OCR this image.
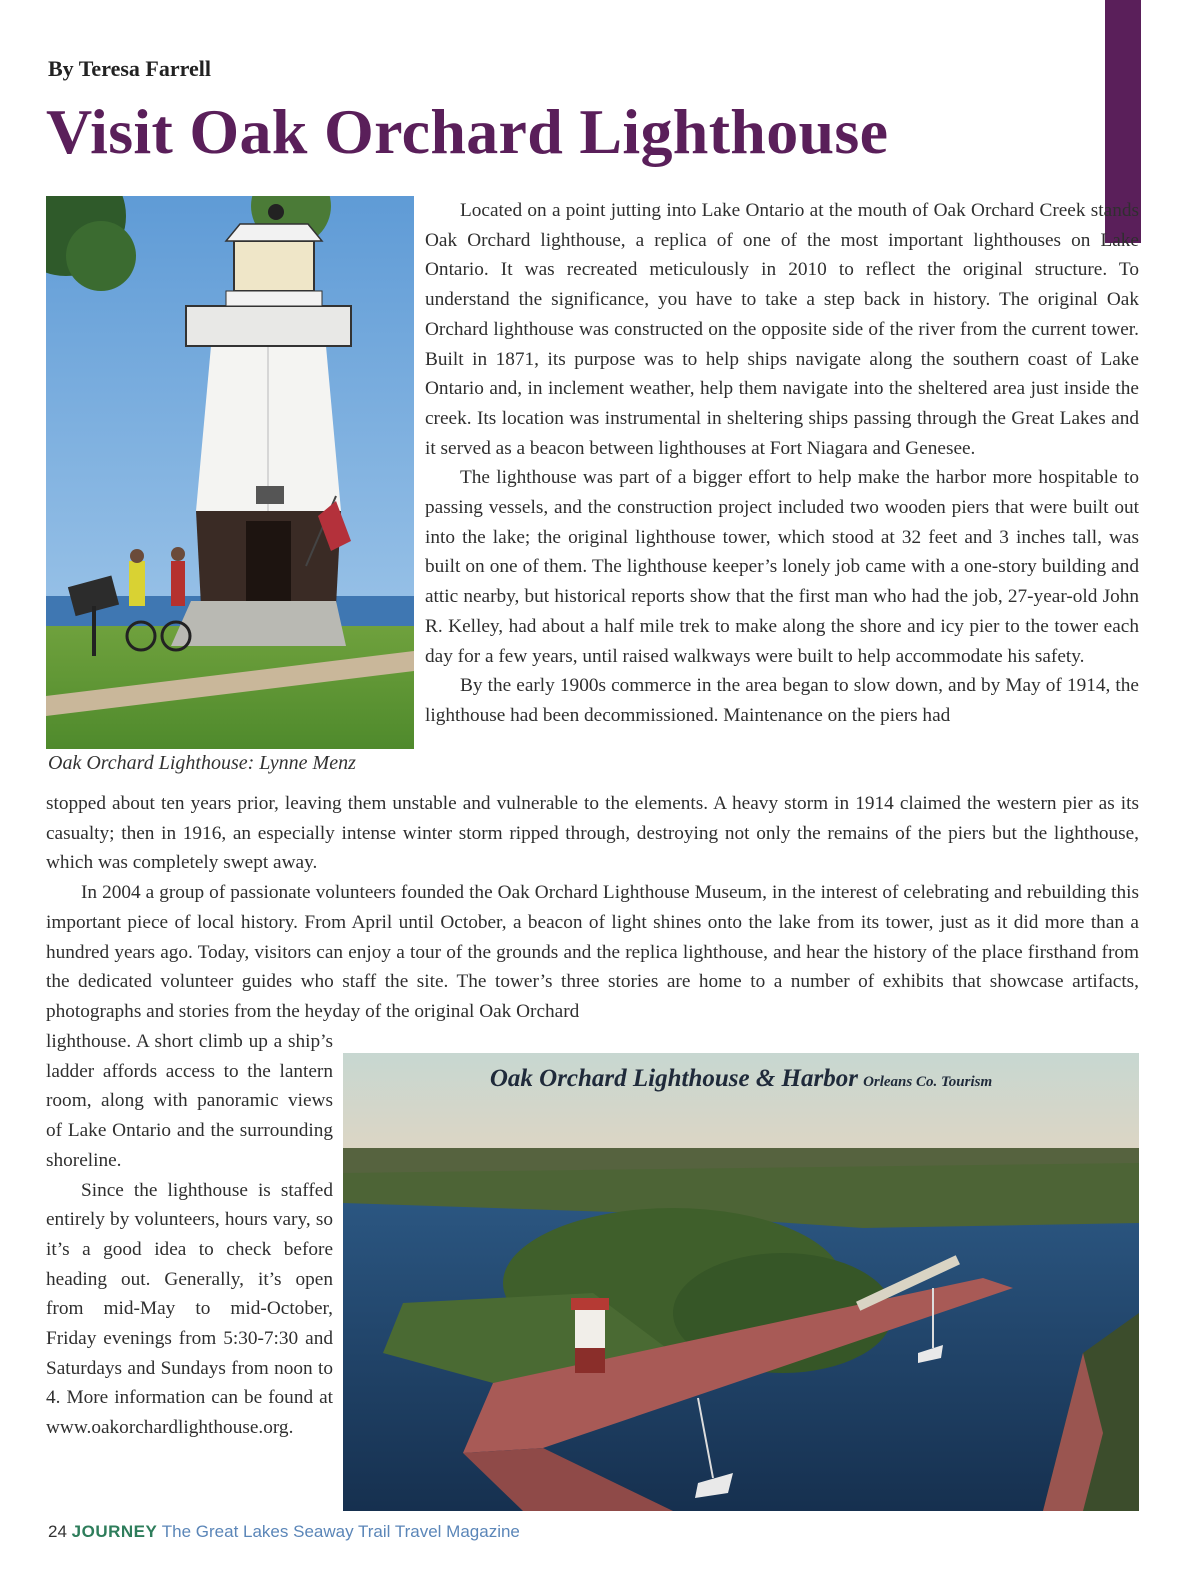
By Teresa Farrell
Visit Oak Orchard Lighthouse
Oak Orchard Lighthouse: Lynne Menz

Located on a point jutting into Lake Ontario at the mouth of Oak Orchard Creek stands Oak Orchard lighthouse, a replica of one of the most important lighthouses on Lake Ontario. It was recreated meticulously in 2010 to reflect the original structure. To understand the significance, you have to take a step back in history. The original Oak Orchard lighthouse was constructed on the opposite side of the river from the current tower. Built in 1871, its purpose was to help ships navigate along the southern coast of Lake Ontario and, in inclement weather, help them navigate into the sheltered area just inside the creek. Its location was instrumental in sheltering ships passing through the Great Lakes and it served as a beacon between lighthouses at Fort Niagara and Genesee.

The lighthouse was part of a bigger effort to help make the harbor more hospitable to passing vessels, and the construction project included two wooden piers that were built out into the lake; the original lighthouse tower, which stood at 32 feet and 3 inches tall, was built on one of them. The lighthouse keeper’s lonely job came with a one-story building and attic nearby, but historical reports show that the first man who had the job, 27-year-old John R. Kelley, had about a half mile trek to make along the shore and icy pier to the tower each day for a few years, until raised walkways were built to help accommodate his safety.

By the early 1900s commerce in the area began to slow down, and by May of 1914, the lighthouse had been decommissioned. Maintenance on the piers had

stopped about ten years prior, leaving them unstable and vulnerable to the elements. A heavy storm in 1914 claimed the western pier as its casualty; then in 1916, an especially intense winter storm ripped through, destroying not only the remains of the piers but the lighthouse, which was completely swept away.

In 2004 a group of passionate volunteers founded the Oak Orchard Lighthouse Museum, in the interest of celebrating and rebuilding this important piece of local history. From April until October, a beacon of light shines onto the lake from its tower, just as it did more than a hundred years ago. Today, visitors can enjoy a tour of the grounds and the replica lighthouse, and hear the history of the place firsthand from the dedicated volunteer guides who staff the site. The tower’s three stories are home to a number of exhibits that showcase artifacts, photographs and stories from the heyday of the original Oak Orchard

lighthouse. A short climb up a ship’s ladder affords access to the lantern room, along with panoramic views of Lake Ontario and the surrounding shoreline.

Since the lighthouse is staffed entirely by volunteers, hours vary, so it’s a good idea to check before heading out. Generally, it’s open from mid-May to mid-October, Friday evenings from 5:30-7:30 and Saturdays and Sundays from noon to 4. More information can be found at www.oakorchardlighthouse.org.

Oak Orchard Lighthouse & Harbor Orleans Co. Tourism
24 JOURNEY The Great Lakes Seaway Trail Travel Magazine
